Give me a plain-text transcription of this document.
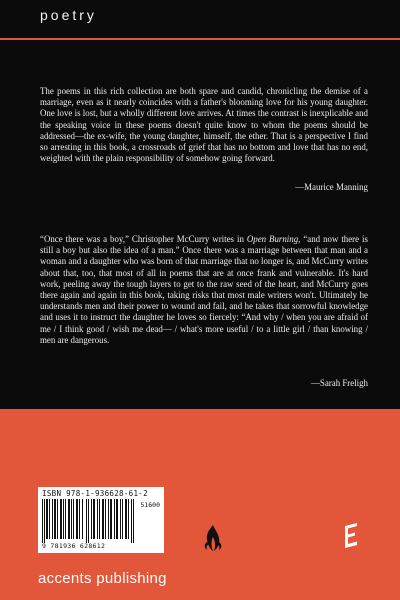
poetry
The poems in this rich collection are both spare and candid, chronicling the demise of a marriage, even as it nearly coincides with a father's blooming love for his young daughter. One love is lost, but a wholly different love arrives. At times the contrast is inexplicable and the speaking voice in these poems doesn't quite know to whom the poems should be addressed—the ex-wife, the young daughter, himself, the ether. That is a perspective I find so arresting in this book, a crossroads of grief that has no bottom and love that has no end, weighted with the plain responsibility of somehow going forward.
—Maurice Manning
“Once there was a boy,” Christopher McCurry writes in Open Burning, “and now there is still a boy but also the idea of a man.” Once there was a marriage between that man and a woman and a daughter who was born of that marriage that no longer is, and McCurry writes about that, too, that most of all in poems that are at once frank and vulnerable. It's hard work, peeling away the tough layers to get to the raw seed of the heart, and McCurry goes there again and again in this book, taking risks that most male writers won't. Ultimately he understands men and their power to wound and fail, and he takes that sorrowful knowledge and uses it to instruct the daughter he loves so fiercely: “And why / when you are afraid of me / I think good / wish me dead— / what's more useful / to a little girl / than knowing / men are dangerous.
—Sarah Freligh
ISBN 978-1-936628-61-2
51600
9 781936 628612
accents publishing
